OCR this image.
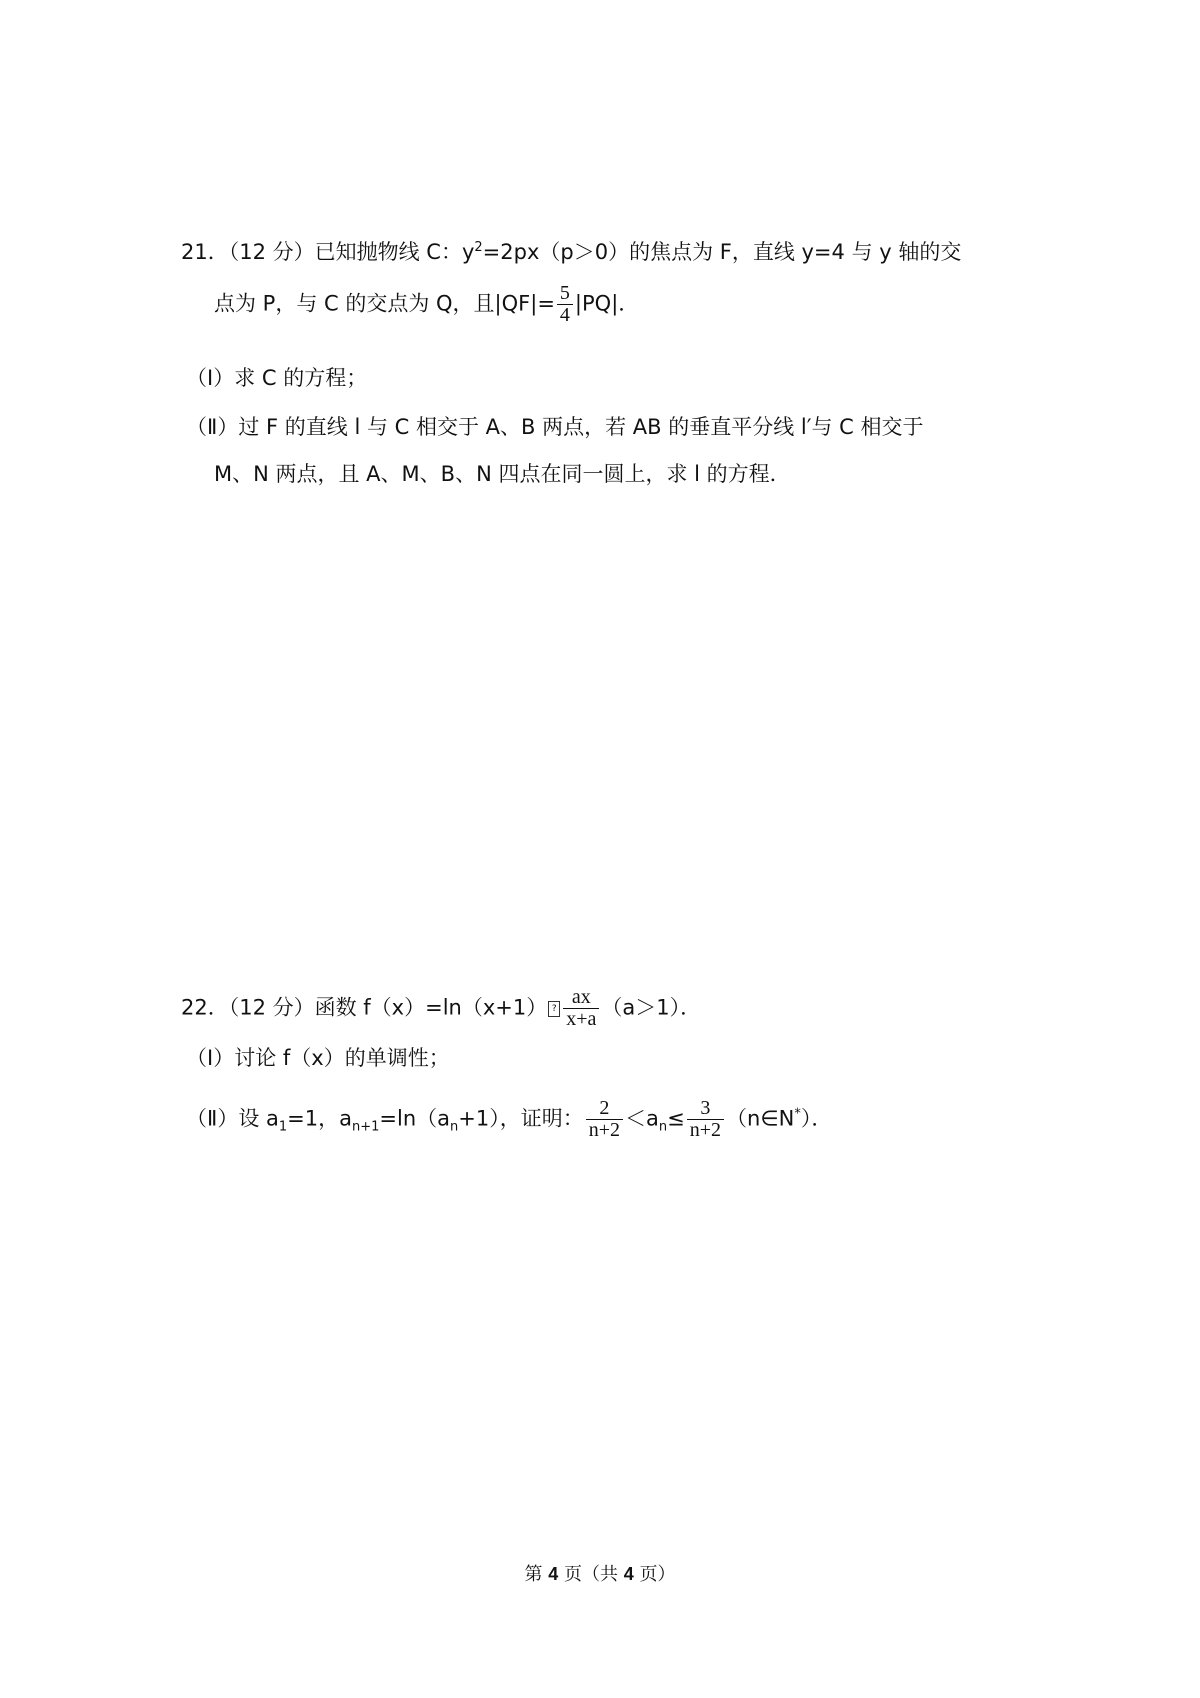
21．（12 分）已知抛物线 C：$y^2=2px(p>0)$的焦点为 F，直线 y=4 与 y 轴的交
点为 P，与 C 的交点为 Q，且$|QF|= \frac{5}{4} |PQ|$．
（Ⅰ）求 C 的方程；
（Ⅱ）过 F 的直线 l 与 C 相交于 A、B 两点，若 AB 的垂直平分线 l′与 C 相交于
M、N 两点，且 A、M、B、N 四点在同一圆上，求 l 的方程．
22．（12 分）函数 f（x）=ln（x+1） ? $\frac{ax}{x+a} (a>1)$．
（Ⅰ）讨论 f（x）的单调性；
（Ⅱ）设 $a_1=1$，$a_{n+1}=\ln(a_n+1)$，证明： $\frac{2}{n+2} <a_n\le \frac{3}{n+2}$ （n∈N*）．
第 4 页（共 4 页）
